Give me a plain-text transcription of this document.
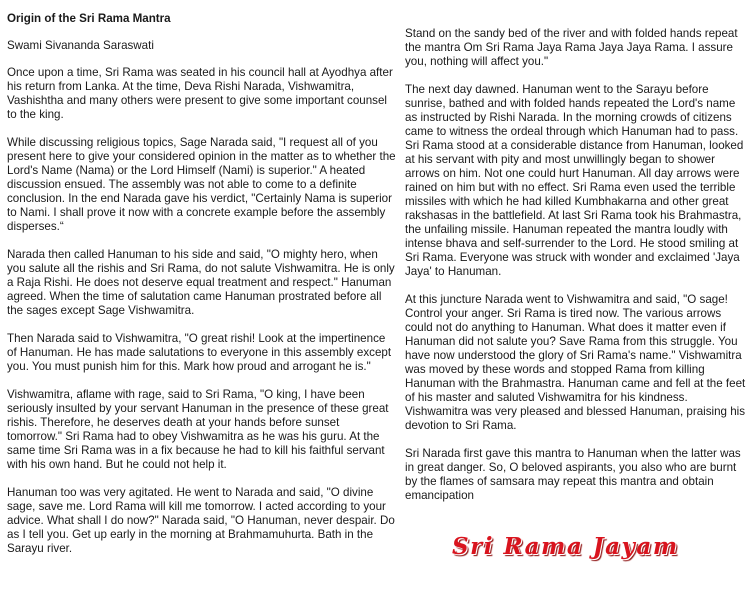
Origin of the Sri Rama Mantra

Swami Sivananda Saraswati

Once upon a time, Sri Rama was seated in his council hall at Ayodhya after his return from Lanka. At the time, Deva Rishi Narada, Vishwamitra, Vashishtha and many others were present to give some important counsel to the king.

While discussing religious topics, Sage Narada said, "I request all of you present here to give your considered opinion in the matter as to whether the Lord's Name (Nama) or the Lord Himself (Nami) is superior." A heated discussion ensued. The assembly was not able to come to a definite conclusion. In the end Narada gave his verdict, "Certainly Nama is superior to Nami. I shall prove it now with a concrete example before the assembly disperses.“

Narada then called Hanuman to his side and said, "O mighty hero, when you salute all the rishis and Sri Rama, do not salute Vishwamitra. He is only a Raja Rishi. He does not deserve equal treatment and respect." Hanuman agreed. When the time of salutation came Hanuman prostrated before all the sages except Sage Vishwamitra.

Then Narada said to Vishwamitra, "O great rishi! Look at the impertinence of Hanuman. He has made salutations to everyone in this assembly except you. You must punish him for this. Mark how proud and arrogant he is."

Vishwamitra, aflame with rage, said to Sri Rama, "O king, I have been seriously insulted by your servant Hanuman in the presence of these great rishis. Therefore, he deserves death at your hands before sunset tomorrow." Sri Rama had to obey Vishwamitra as he was his guru. At the same time Sri Rama was in a fix because he had to kill his faithful servant with his own hand. But he could not help it.

Hanuman too was very agitated. He went to Narada and said, "O divine sage, save me. Lord Rama will kill me tomorrow. I acted according to your advice. What shall I do now?" Narada said, "O Hanuman, never despair. Do as I tell you. Get up early in the morning at Brahmamuhurta. Bath in the Sarayu river.

Stand on the sandy bed of the river and with folded hands repeat the mantra Om Sri Rama Jaya Rama Jaya Jaya Rama. I assure you, nothing will affect you."

The next day dawned. Hanuman went to the Sarayu before sunrise, bathed and with folded hands repeated the Lord's name as instructed by Rishi Narada. In the morning crowds of citizens came to witness the ordeal through which Hanuman had to pass. Sri Rama stood at a considerable distance from Hanuman, looked at his servant with pity and most unwillingly began to shower arrows on him. Not one could hurt Hanuman. All day arrows were rained on him but with no effect. Sri Rama even used the terrible missiles with which he had killed Kumbhakarna and other great rakshasas in the battlefield. At last Sri Rama took his Brahmastra, the unfailing missile. Hanuman repeated the mantra loudly with intense bhava and self-surrender to the Lord. He stood smiling at Sri Rama. Everyone was struck with wonder and exclaimed 'Jaya Jaya' to Hanuman.

At this juncture Narada went to Vishwamitra and said, "O sage! Control your anger. Sri Rama is tired now. The various arrows could not do anything to Hanuman. What does it matter even if Hanuman did not salute you? Save Rama from this struggle. You have now understood the glory of Sri Rama's name." Vishwamitra was moved by these words and stopped Rama from killing Hanuman with the Brahmastra. Hanuman came and fell at the feet of his master and saluted Vishwamitra for his kindness. Vishwamitra was very pleased and blessed Hanuman, praising his devotion to Sri Rama.

Sri Narada first gave this mantra to Hanuman when the latter was in great danger. So, O beloved aspirants, you also who are burnt by the flames of samsara may repeat this mantra and obtain emancipation

Sri Rama Jayam
